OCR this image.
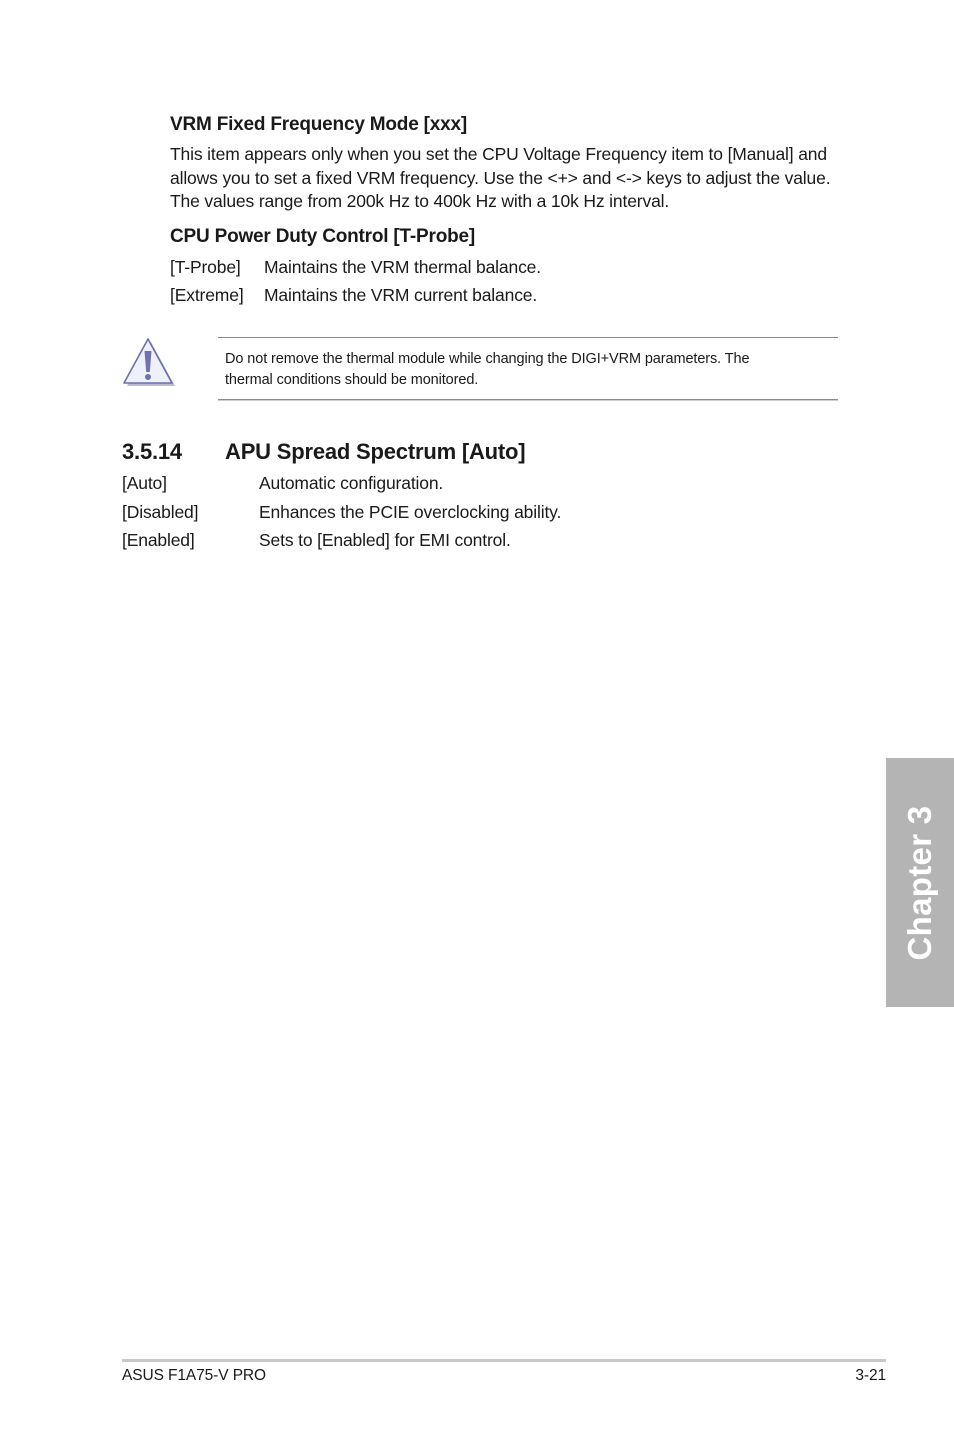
VRM Fixed Frequency Mode [xxx]
This item appears only when you set the CPU Voltage Frequency item to [Manual] and
allows you to set a fixed VRM frequency. Use the <+> and <-> keys to adjust the value.
The values range from 200k Hz to 400k Hz with a 10k Hz interval.
CPU Power Duty Control [T-Probe]
[T-Probe] Maintains the VRM thermal balance.
[Extreme] Maintains the VRM current balance.
Do not remove the thermal module while changing the DIGI+VRM parameters. The
thermal conditions should be monitored.
3.5.14 APU Spread Spectrum [Auto]
[Auto]	Automatic configuration.
[Disabled]	Enhances the PCIE overclocking ability.
[Enabled]	Sets to [Enabled] for EMI control.
Chapter 3
ASUS F1A75-V PRO	3-21
